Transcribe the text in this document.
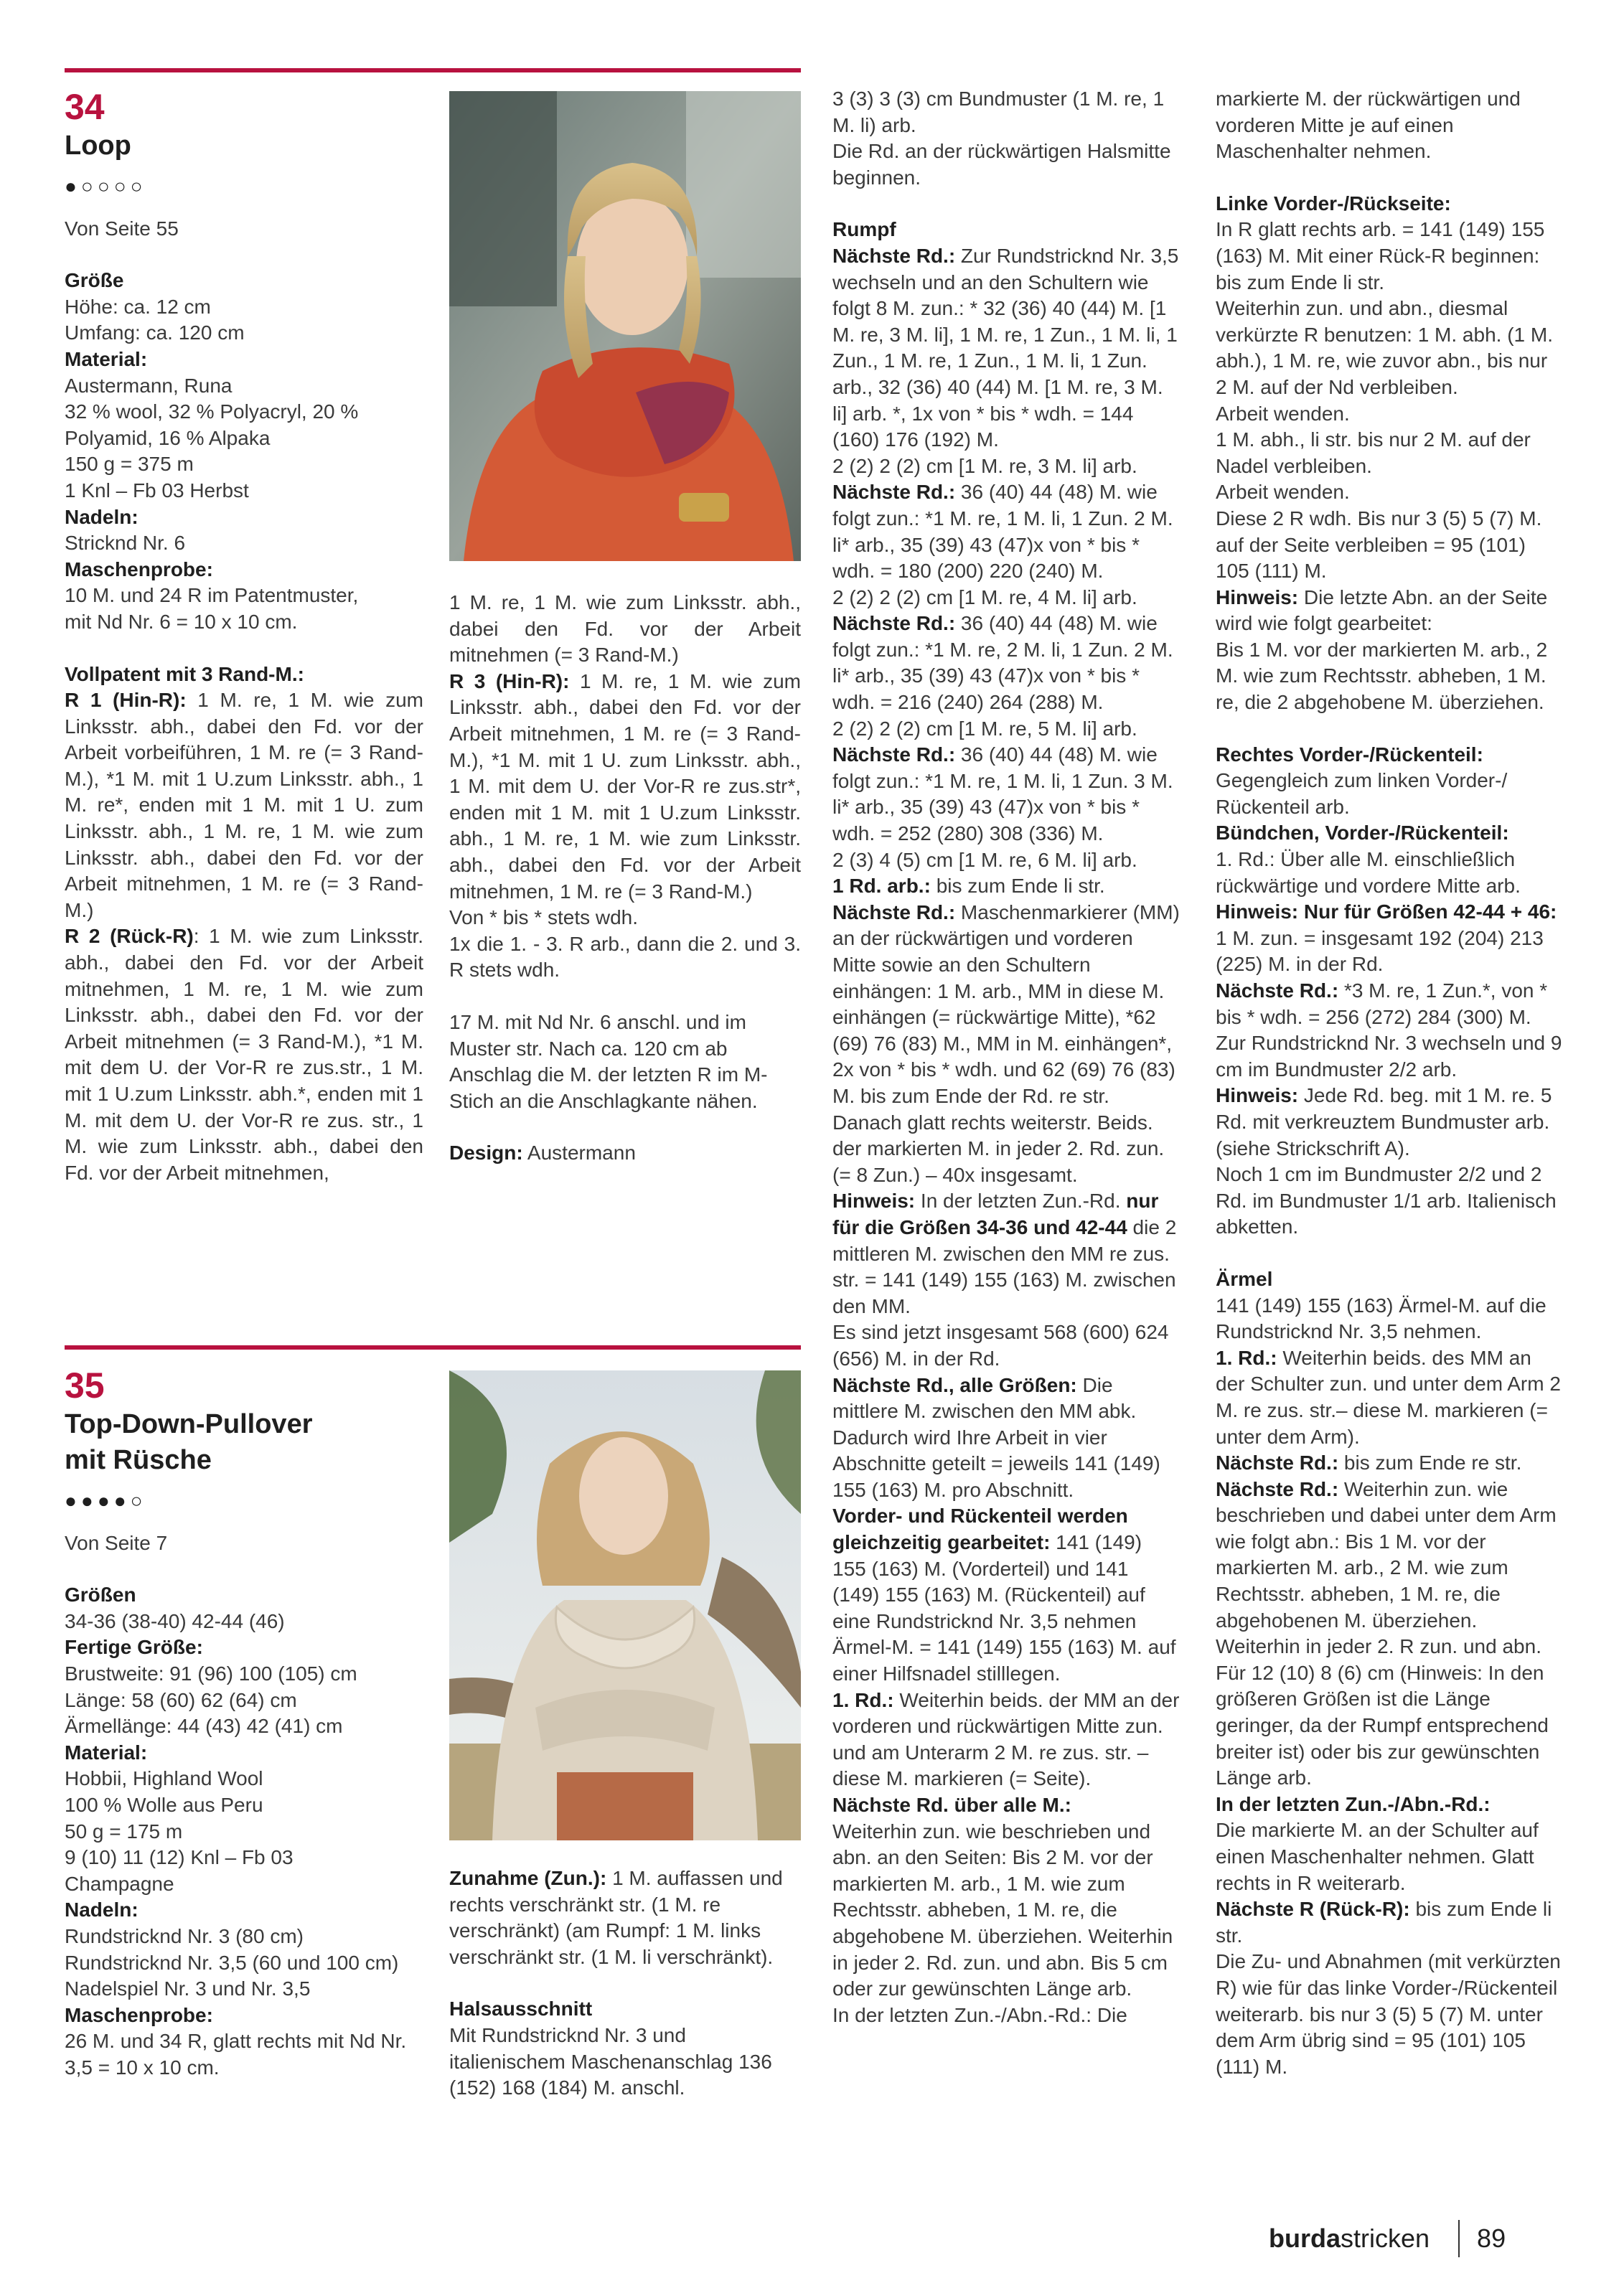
34
Loop
●○○○○

Von Seite 55

Größe

Höhe: ca. 12 cm

Umfang: ca. 120 cm

Material:

Austermann, Runa

32 % wool, 32 % Polyacryl, 20 %

Polyamid, 16 % Alpaka

150 g = 375 m

1 Knl – Fb 03 Herbst

Nadeln:

Stricknd Nr. 6

Maschenprobe:

10 M. und 24 R im Patentmuster,

mit Nd Nr. 6 = 10 x 10 cm.

Vollpatent mit 3 Rand-M.:

R 1 (Hin-R): 1 M. re, 1 M. wie zum Linksstr. abh., dabei den Fd. vor der Arbeit vorbeiführen, 1 M. re (= 3 Rand-M.), *1 M. mit 1 U.zum Linksstr. abh., 1 M. re*, enden mit 1 M. mit 1 U. zum Linksstr. abh., 1 M. re, 1 M. wie zum Linksstr. abh., dabei den Fd. vor der Arbeit mitnehmen, 1 M. re (= 3 Rand-M.)

R 2 (Rück-R): 1 M. wie zum Linksstr. abh., dabei den Fd. vor der Arbeit mitnehmen, 1 M. re, 1 M. wie zum Linksstr. abh., dabei den Fd. vor der Arbeit mitnehmen (= 3 Rand-M.), *1 M. mit dem U. der Vor-R re zus.str., 1 M. mit 1 U.zum Linksstr. abh.*, enden mit 1 M. mit dem U. der Vor-R re zus. str., 1 M. wie zum Linksstr. abh., dabei den Fd. vor der Arbeit mitnehmen,

1 M. re, 1 M. wie zum Linksstr. abh., dabei den Fd. vor der Arbeit mitnehmen (= 3 Rand-M.)

R 3 (Hin-R): 1 M. re, 1 M. wie zum Linksstr. abh., dabei den Fd. vor der Arbeit mitnehmen, 1 M. re (= 3 Rand-M.), *1 M. mit 1 U. zum Linksstr. abh., 1 M. mit dem U. der Vor-R re zus.str*, enden mit 1 M. mit 1 U.zum Linksstr. abh., 1 M. re, 1 M. wie zum Linksstr. abh., dabei den Fd. vor der Arbeit mitnehmen, 1 M. re (= 3 Rand-M.)

Von * bis * stets wdh.

1x die 1. - 3. R arb., dann die 2. und 3. R stets wdh.

17 M. mit Nd Nr. 6 anschl. und im Muster str. Nach ca. 120 cm ab Anschlag die M. der letzten R im M-Stich an die Anschlagkante nähen.

Design: Austermann

35
Top-Down-Pullover
mit Rüsche
●●●●○

Von Seite 7

Größen

34-36 (38-40) 42-44 (46)

Fertige Größe:

Brustweite: 91 (96) 100 (105) cm

Länge: 58 (60) 62 (64) cm

Ärmellänge: 44 (43) 42 (41) cm

Material:

Hobbii, Highland Wool

100 % Wolle aus Peru

50 g = 175 m

9 (10) 11 (12) Knl – Fb 03

Champagne

Nadeln:

Rundstricknd Nr. 3 (80 cm)

Rundstricknd Nr. 3,5 (60 und 100 cm)

Nadelspiel Nr. 3 und Nr. 3,5

Maschenprobe:

26 M. und 34 R, glatt rechts mit Nd Nr. 3,5 = 10 x 10 cm.

Zunahme (Zun.): 1 M. auffassen und rechts verschränkt str. (1 M. re verschränkt) (am Rumpf: 1 M. links verschränkt str. (1 M. li verschränkt).

Halsausschnitt

Mit Rundstricknd Nr. 3 und italienischem Maschenanschlag 136 (152) 168 (184) M. anschl.

3 (3) 3 (3) cm Bundmuster (1 M. re, 1 M. li) arb.

Die Rd. an der rückwärtigen Halsmitte beginnen.

Rumpf

Nächste Rd.: Zur Rundstricknd Nr. 3,5 wechseln und an den Schultern wie folgt 8 M. zun.: * 32 (36) 40 (44) M. [1 M. re, 3 M. li], 1 M. re, 1 Zun., 1 M. li, 1 Zun., 1 M. re, 1 Zun., 1 M. li, 1 Zun. arb., 32 (36) 40 (44) M. [1 M. re, 3 M. li] arb. *, 1x von * bis * wdh. = 144 (160) 176 (192) M.

2 (2) 2 (2) cm [1 M. re, 3 M. li] arb.

Nächste Rd.: 36 (40) 44 (48) M. wie folgt zun.: *1 M. re, 1 M. li, 1 Zun. 2 M. li* arb., 35 (39) 43 (47)x von * bis * wdh. = 180 (200) 220 (240) M.

2 (2) 2 (2) cm [1 M. re, 4 M. li] arb.

Nächste Rd.: 36 (40) 44 (48) M. wie folgt zun.: *1 M. re, 2 M. li, 1 Zun. 2 M. li* arb., 35 (39) 43 (47)x von * bis * wdh. = 216 (240) 264 (288) M.

2 (2) 2 (2) cm [1 M. re, 5 M. li] arb.

Nächste Rd.: 36 (40) 44 (48) M. wie folgt zun.: *1 M. re, 1 M. li, 1 Zun. 3 M. li* arb., 35 (39) 43 (47)x von * bis * wdh. = 252 (280) 308 (336) M.

2 (3) 4 (5) cm [1 M. re, 6 M. li] arb.

1 Rd. arb.: bis zum Ende li str.

Nächste Rd.: Maschenmarkierer (MM) an der rückwärtigen und vorderen Mitte sowie an den Schultern einhängen: 1 M. arb., MM in diese M. einhängen (= rückwärtige Mitte), *62 (69) 76 (83) M., MM in M. einhängen*, 2x von * bis * wdh. und 62 (69) 76 (83) M. bis zum Ende der Rd. re str.

Danach glatt rechts weiterstr. Beids. der markierten M. in jeder 2. Rd. zun. (= 8 Zun.) – 40x insgesamt.

Hinweis: In der letzten Zun.-Rd. nur für die Größen 34-36 und 42-44 die 2 mittleren M. zwischen den MM re zus. str. = 141 (149) 155 (163) M. zwischen den MM.

Es sind jetzt insgesamt 568 (600) 624 (656) M. in der Rd.

Nächste Rd., alle Größen: Die mittlere M. zwischen den MM abk. Dadurch wird Ihre Arbeit in vier Abschnitte geteilt = jeweils 141 (149) 155 (163) M. pro Abschnitt.

Vorder- und Rückenteil werden gleichzeitig gearbeitet: 141 (149) 155 (163) M. (Vorderteil) und 141 (149) 155 (163) M. (Rückenteil) auf eine Rundstricknd Nr. 3,5 nehmen Ärmel-M. = 141 (149) 155 (163) M. auf einer Hilfsnadel stilllegen.

1. Rd.: Weiterhin beids. der MM an der vorderen und rückwärtigen Mitte zun. und am Unterarm 2 M. re zus. str. – diese M. markieren (= Seite).

Nächste Rd. über alle M.:

Weiterhin zun. wie beschrieben und abn. an den Seiten: Bis 2 M. vor der markierten M. arb., 1 M. wie zum Rechtsstr. abheben, 1 M. re, die abgehobene M. überziehen. Weiterhin in jeder 2. Rd. zun. und abn. Bis 5 cm oder zur gewünschten Länge arb.

In der letzten Zun.-/Abn.-Rd.: Die

markierte M. der rückwärtigen und vorderen Mitte je auf einen Maschenhalter nehmen.

Linke Vorder-/Rückseite:

In R glatt rechts arb. = 141 (149) 155 (163) M. Mit einer Rück-R beginnen: bis zum Ende li str.

Weiterhin zun. und abn., diesmal verkürzte R benutzen: 1 M. abh. (1 M. abh.), 1 M. re, wie zuvor abn., bis nur 2 M. auf der Nd verbleiben.

Arbeit wenden.

1 M. abh., li str. bis nur 2 M. auf der Nadel verbleiben.

Arbeit wenden.

Diese 2 R wdh. Bis nur 3 (5) 5 (7) M. auf der Seite verbleiben = 95 (101) 105 (111) M.

Hinweis: Die letzte Abn. an der Seite wird wie folgt gearbeitet:

Bis 1 M. vor der markierten M. arb., 2 M. wie zum Rechtsstr. abheben, 1 M. re, die 2 abgehobene M. überziehen.

Rechtes Vorder-/Rückenteil:

Gegengleich zum linken Vorder-/ Rückenteil arb.

Bündchen, Vorder-/Rückenteil:

1. Rd.: Über alle M. einschließlich rückwärtige und vordere Mitte arb.

Hinweis: Nur für Größen 42-44 + 46: 1 M. zun. = insgesamt 192 (204) 213 (225) M. in der Rd.

Nächste Rd.: *3 M. re, 1 Zun.*, von * bis * wdh. = 256 (272) 284 (300) M.

Zur Rundstricknd Nr. 3 wechseln und 9 cm im Bundmuster 2/2 arb.

Hinweis: Jede Rd. beg. mit 1 M. re. 5 Rd. mit verkreuztem Bundmuster arb. (siehe Strickschrift A).

Noch 1 cm im Bundmuster 2/2 und 2 Rd. im Bundmuster 1/1 arb. Italienisch abketten.

Ärmel

141 (149) 155 (163) Ärmel-M. auf die Rundstricknd Nr. 3,5 nehmen.

1. Rd.: Weiterhin beids. des MM an der Schulter zun. und unter dem Arm 2 M. re zus. str.– diese M. markieren (= unter dem Arm).

Nächste Rd.: bis zum Ende re str.

Nächste Rd.: Weiterhin zun. wie beschrieben und dabei unter dem Arm wie folgt abn.: Bis 1 M. vor der markierten M. arb., 2 M. wie zum Rechtsstr. abheben, 1 M. re, die abgehobenen M. überziehen.

Weiterhin in jeder 2. R zun. und abn. Für 12 (10) 8 (6) cm (Hinweis: In den größeren Größen ist die Länge geringer, da der Rumpf entsprechend breiter ist) oder bis zur gewünschten Länge arb.

In der letzten Zun.-/Abn.-Rd.:

Die markierte M. an der Schulter auf einen Maschenhalter nehmen. Glatt rechts in R weiterarb.

Nächste R (Rück-R): bis zum Ende li str.

Die Zu- und Abnahmen (mit verkürzten R) wie für das linke Vorder-/Rückenteil weiterarb. bis nur 3 (5) 5 (7) M. unter dem Arm übrig sind = 95 (101) 105 (111) M.

burdastricken 89
